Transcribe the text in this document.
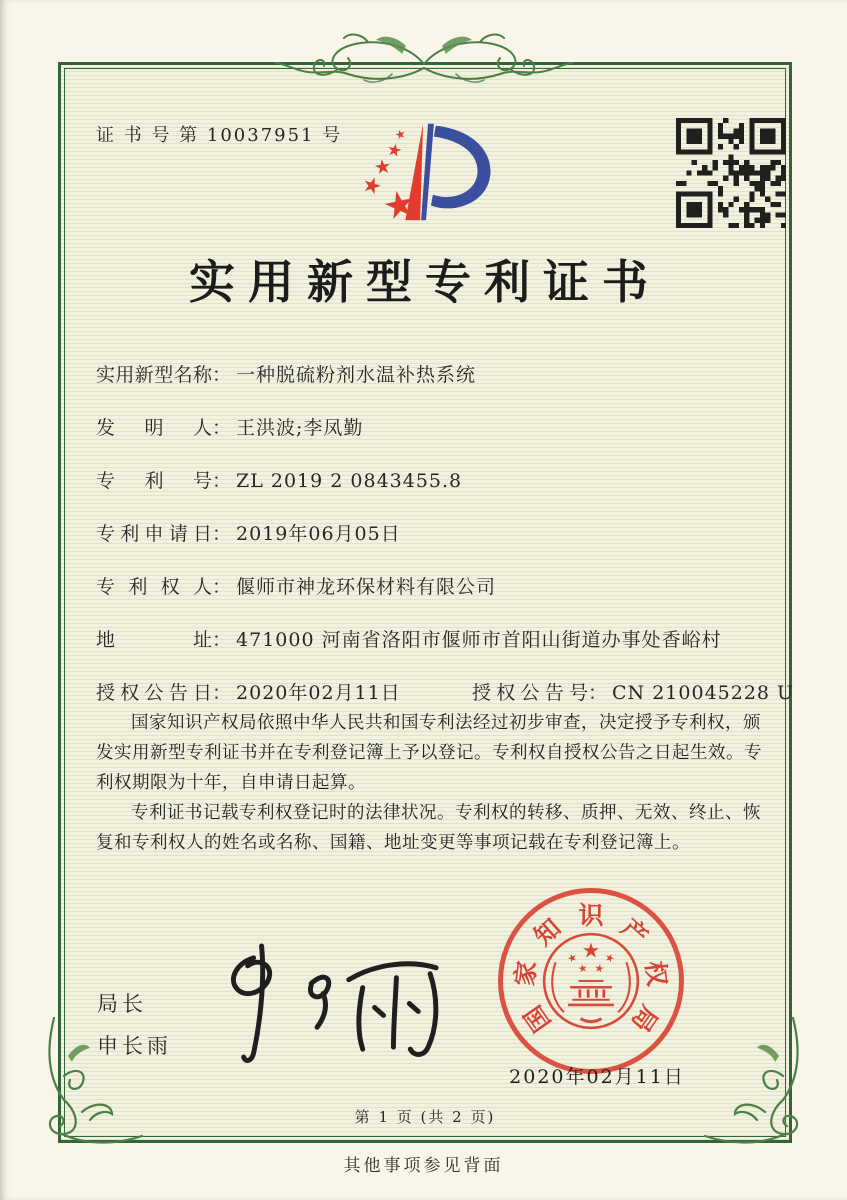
证 书 号 第 10037951 号
实用新型专利证书
实用新型名称： 一种脱硫粉剂水温补热系统
发明人： 王洪波;李凤勤
专利号： ZL 2019 2 0843455.8
专利申请日： 2019年06月05日
专利权人： 偃师市神龙环保材料有限公司
地址： 471000 河南省洛阳市偃师市首阳山街道办事处香峪村
授权公告日： 2020年02月11日	授权公告号： CN 210045228 U

国家知识产权局依照中华人民共和国专利法经过初步审查，决定授予专利权，颁发实用新型专利证书并在专利登记簿上予以登记。专利权自授权公告之日起生效。专利权期限为十年，自申请日起算。

专利证书记载专利权登记时的法律状况。专利权的转移、质押、无效、终止、恢复和专利权人的姓名或名称、国籍、地址变更等事项记载在专利登记簿上。

局长
申长雨
国
家
知 识 产
权
局
2020年02月11日
第 1 页 (共 2 页)
其他事项参见背面
